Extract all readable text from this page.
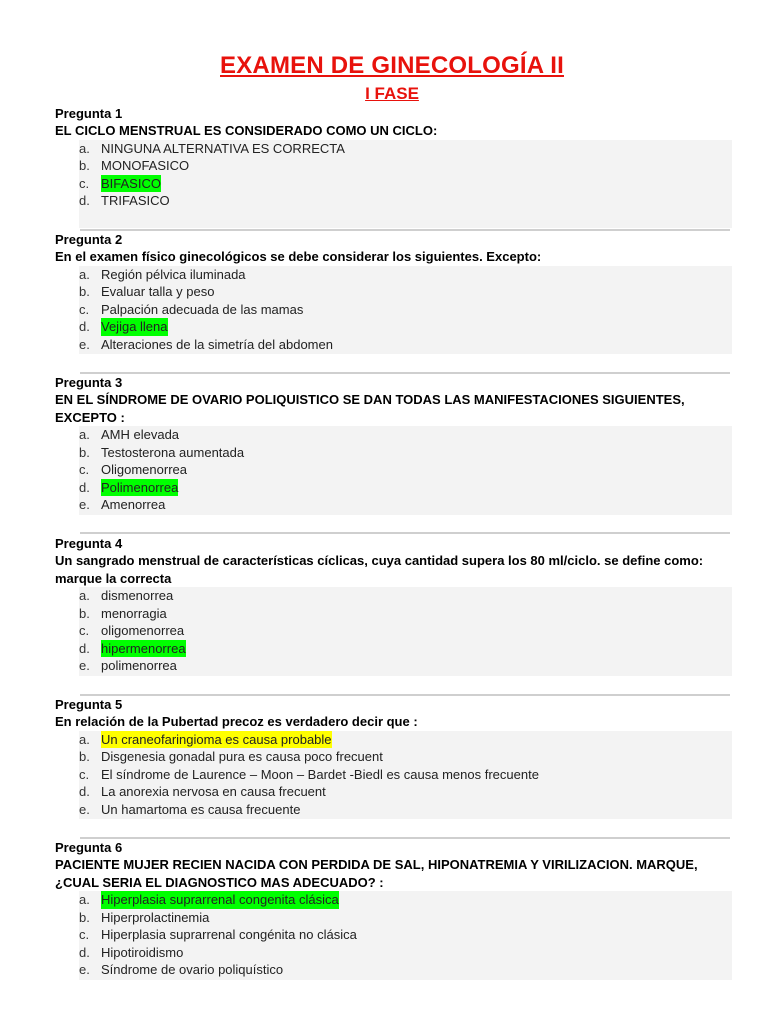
EXAMEN DE GINECOLOGÍA II
I FASE
Pregunta 1
EL CICLO MENSTRUAL ES CONSIDERADO COMO UN CICLO:
a. NINGUNA ALTERNATIVA ES CORRECTA
b. MONOFASICO
c. BIFASICO
d. TRIFASICO
Pregunta 2
En el examen físico ginecológicos se debe considerar los siguientes. Excepto:
a. Región pélvica iluminada
b. Evaluar talla y peso
c. Palpación adecuada de las mamas
d. Vejiga llena
e. Alteraciones de la simetría del abdomen
Pregunta 3
EN EL SÍNDROME DE OVARIO POLIQUISTICO SE DAN TODAS LAS MANIFESTACIONES SIGUIENTES, EXCEPTO :
a. AMH elevada
b. Testosterona aumentada
c. Oligomenorrea
d. Polimenorrea
e. Amenorrea
Pregunta 4
Un sangrado menstrual de características cíclicas, cuya cantidad supera los 80 ml/ciclo. se define como: marque la correcta
a. dismenorrea
b. menorragia
c. oligomenorrea
d. hipermenorrea
e. polimenorrea
Pregunta 5
En relación de la Pubertad precoz es verdadero decir que :
a. Un craneofaringioma es causa probable
b. Disgenesia gonadal pura es causa poco frecuent
c. El síndrome de Laurence – Moon – Bardet -Biedl es causa menos frecuente
d. La anorexia nervosa en causa frecuent
e. Un hamartoma es causa frecuente
Pregunta 6
PACIENTE MUJER RECIEN NACIDA CON PERDIDA DE SAL, HIPONATREMIA Y VIRILIZACION. MARQUE, ¿CUAL SERIA EL DIAGNOSTICO MAS ADECUADO? :
a. Hiperplasia suprarrenal congenita clásica
b. Hiperprolactinemia
c. Hiperplasia suprarrenal congénita no clásica
d. Hipotiroidismo
e. Síndrome de ovario poliquístico
